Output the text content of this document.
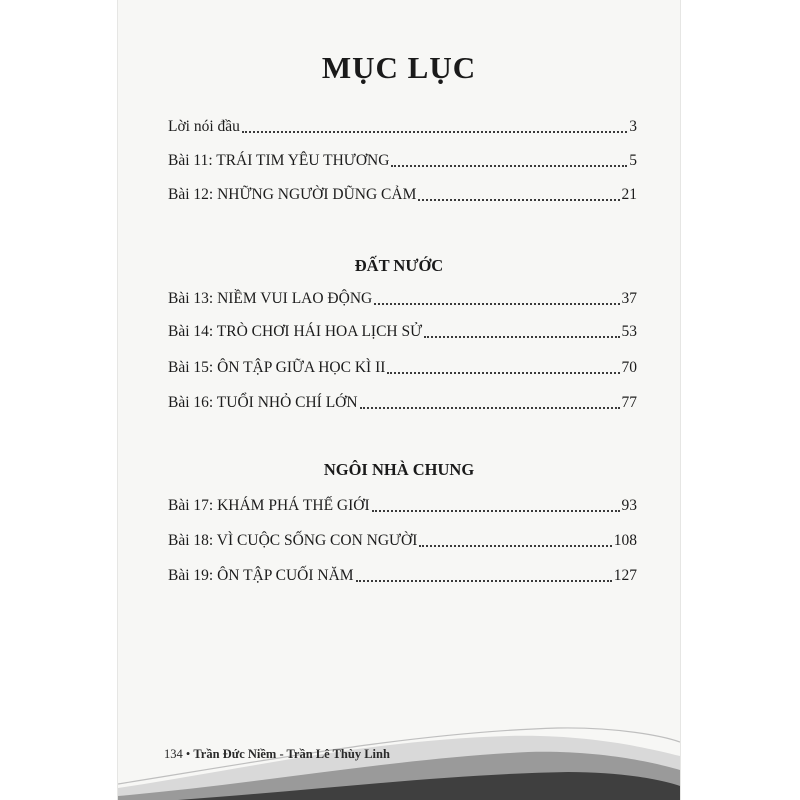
MỤC LỤC
Lời nói đầu	3
Bài 11: TRÁI TIM YÊU THƯƠNG	5
Bài 12: NHỮNG NGƯỜI DŨNG CẢM	21
ĐẤT NƯỚC
Bài 13: NIỀM VUI LAO ĐỘNG	37
Bài 14: TRÒ CHƠI HÁI HOA LỊCH SỬ	53
Bài 15: ÔN TẬP GIỮA HỌC KÌ II	70
Bài 16: TUỔI NHỎ CHÍ LỚN	77
NGÔI NHÀ CHUNG
Bài 17: KHÁM PHÁ THẾ GIỚI	93
Bài 18: VÌ CUỘC SỐNG CON NGƯỜI	108
Bài 19: ÔN TẬP CUỐI NĂM	127
134 • Trần Đức Niềm - Trần Lê Thùy Linh
